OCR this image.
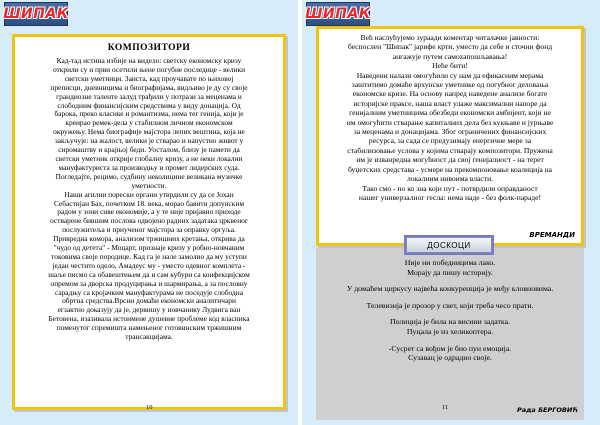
ШИПАК
КОМПОЗИТОРИ

Кад-тад истина избије на видело: светску економску кризу

открили су и први осетили њене погубне последице - велики

светски уметници. Заиста, кад проучавате по њиховој

преписци, дневницима и биографијама, видљиво је ду су своје

грандиозне таленте залуд трађили у потрази за меценама и

слободним финансијским средствима у виду донација. Од

барока, преко класике и романтизма, нема тег генија, који је

креирао ремек-дела у стабилном личном економском

окружењу. Нема биографије мајстора лепих вештина, која не

закључује: на жалост, велики је стварао и напустио живот у

сиромаштву и крајњој беди. Уосталом, близу је памети да

светски уметник открије глобалну кризу, а не неки локални

мануфактуриста за производњу и промет лидерских суда.

Погледајте, рецимо, судбину неколицине великана музичке

уметности.

Наши агилни порески органи утврдили су да се Јохан

Себастијан Бах, почетком 18. века, морао бавити допунским

радом у зони сиве економије, а у те није пријавио приходе

остварене бившим послова одвојено радних задатака црквеног

послужитеља и приученог мајстора за оправку оргуља.

Привредна комора, анализом тржишних кретања, открива да

"чудо од детета" - Моцарт, признаје кризу у робно-новчаним

токовима своје породице. Кад га је нале замолио да му уступи

један честито одело, Амадеус му - уместо одевног комплета -

шаље писмо са обавештењем да и сам кубури са конфекцијском

опремом за дворска продуцирања и шармирања, а за пословну

сарадњу са кројачким мануфактурама не поседује слободна

обртна средства.Врсни домаћи економски аналитичари

егзактно доказују да је, дервишу у новчанику Лудвига ван

Бетовена, изазивала истоимене душевне проблеме код власника

поменутог спремишта намењеног готовинским тржишним

трансакцијама.

10
ШИПАК

Већ наслућујемо зураади коментар читалачке јавности:

беспослен "Шипак" јарифе крти, уместо да себе и сточни фонд

ангажује путем самоzапошљавања!

Неће бити!

Наведени налази омогућили су нам да ефикасним мерама

заштитимо домаће врхунске уметнике од погубног деловања

економске кризе. На основу напред наведене анализе богате

историјске праксе, наша власт улаже максимални напоре да

генијалним уметницима обезбеди економски амбијент, који не

им омогућити стварање капиталних дела без кукњаве и јурњаве

за меценама и донацијама. Због ограничених финансијских

ресурса, за сада се предузимају енергичне мере за

стабилизовање услова у којима стварају композитори. Пружена

им је изванредна могућност да свој генијалност - на терет

буџетских средстава - усмере на прекомпоновање коалиција на

локалним нивоима власти.

Тако смо - по ко зна који пут - потврдили оправданост

нашег универзалног гесла: нема наде - без фолк-параде!

ВРЕМАНДИ
ДОСКОЦИ

Није ни победницима лако.

Морају да пишу историју.

У домаћем циркусу највећа конкуренција је међу кловновима.

Телевизија је прозор у свет, који треба чесо прати.

Полиција је била на висини задатка.

Пуцала је из хеликоптера.

-Сусрет са вођом је био пун емоција.

Сузавац је одрадио своје.

Рада БЕРГОВИЋ
11
